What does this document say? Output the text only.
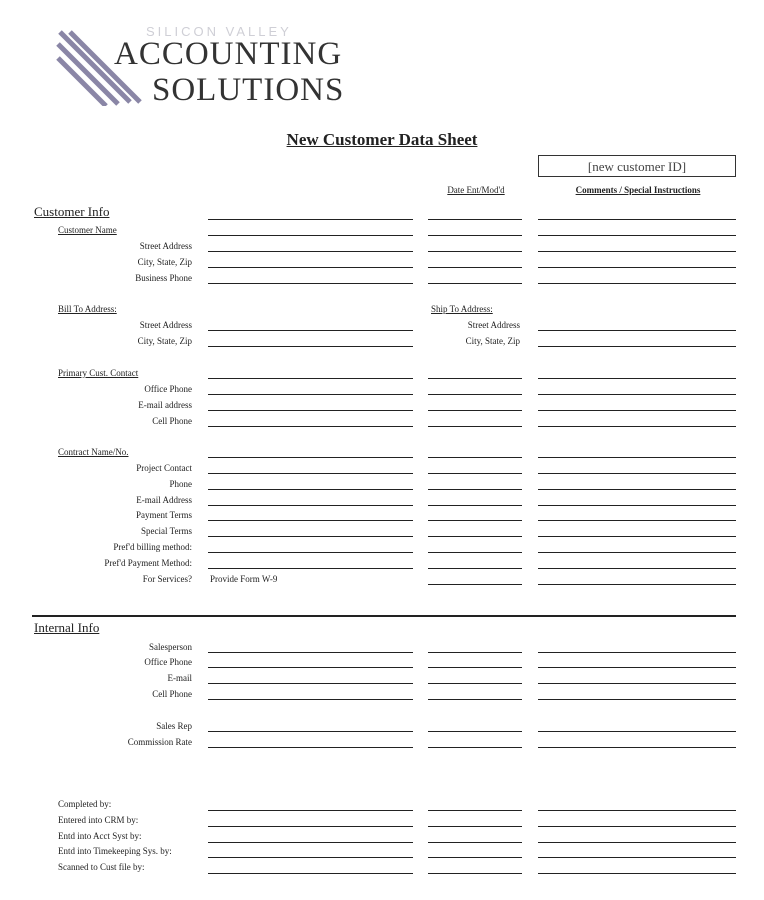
SILICON VALLEY
ACCOUNTING
SOLUTIONS
New Customer Data Sheet
[new customer ID]
Date Ent/Mod'd	Comments / Special Instructions
Customer Info
Customer Name
Street Address
City, State, Zip
Business Phone
Bill To Address:	Ship To Address:
Street Address	Street Address
City, State, Zip	City, State, Zip
Primary Cust. Contact
Office Phone
E-mail address
Cell Phone
Contract Name/No.
Project Contact
Phone
E-mail Address
Payment Terms
Special Terms
Pref'd billing method:
Pref'd Payment Method:
For Services? Provide Form W-9
Internal Info
Salesperson
Office Phone
E-mail
Cell Phone
Sales Rep
Commission Rate
Completed by:
Entered into CRM by:
Entd into Acct Syst by:
Entd into Timekeeping Sys. by:
Scanned to Cust file by:
